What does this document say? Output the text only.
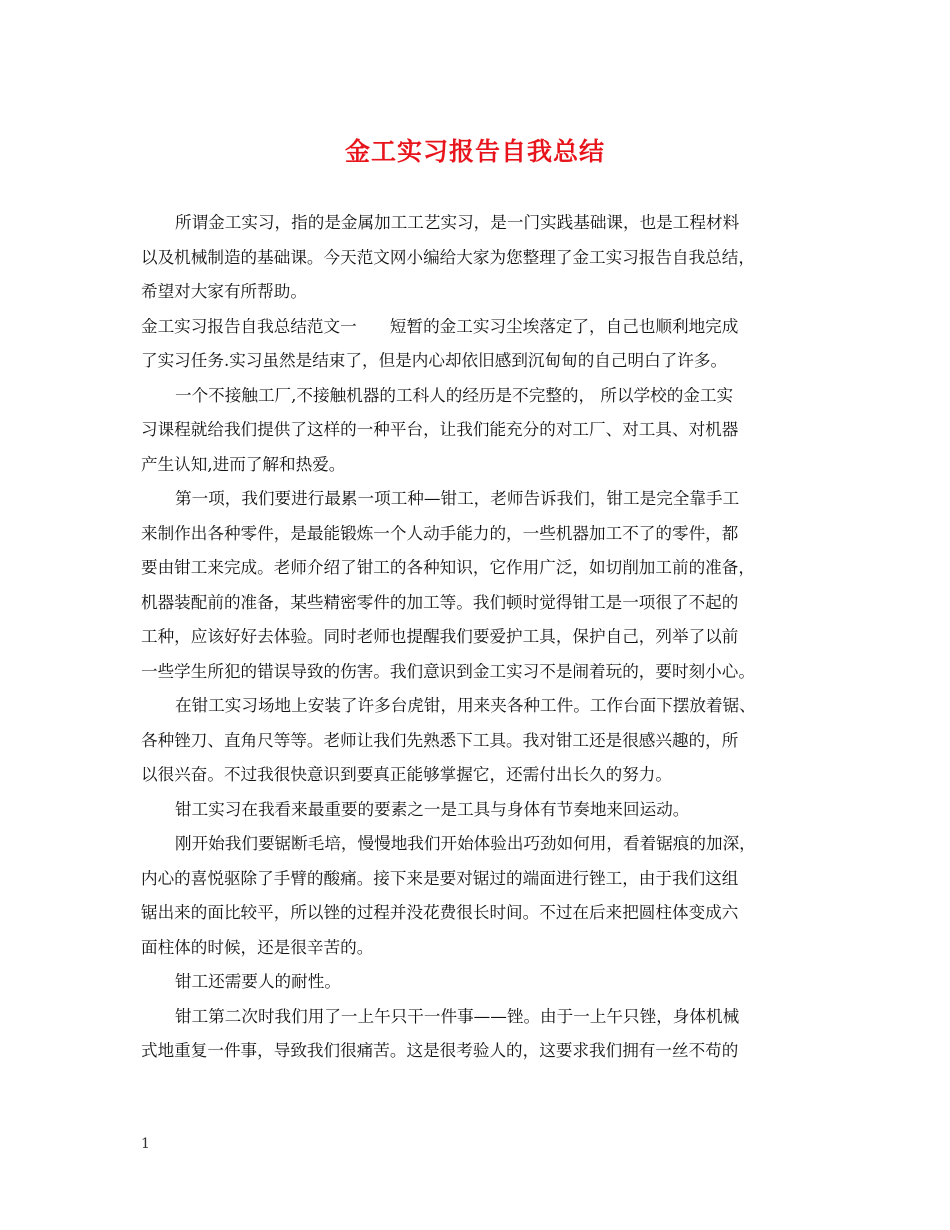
金工实习报告自我总结
所谓金工实习，指的是金属加工工艺实习，是一门实践基础课，也是工程材料
以及机械制造的基础课。今天范文网小编给大家为您整理了金工实习报告自我总结，
希望对大家有所帮助。
金工实习报告自我总结范文一　　短暂的金工实习尘埃落定了，自己也顺利地完成
了实习任务.实习虽然是结束了，但是内心却依旧感到沉甸甸的自己明白了许多。
一个不接触工厂,不接触机器的工科人的经历是不完整的， 所以学校的金工实
习课程就给我们提供了这样的一种平台，让我们能充分的对工厂、对工具、对机器
产生认知,进而了解和热爱。
第一项，我们要进行最累一项工种—钳工，老师告诉我们，钳工是完全靠手工
来制作出各种零件，是最能锻炼一个人动手能力的，一些机器加工不了的零件，都
要由钳工来完成。老师介绍了钳工的各种知识，它作用广泛，如切削加工前的准备，
机器装配前的准备，某些精密零件的加工等。我们顿时觉得钳工是一项很了不起的
工种，应该好好去体验。同时老师也提醒我们要爱护工具，保护自己，列举了以前
一些学生所犯的错误导致的伤害。我们意识到金工实习不是闹着玩的，要时刻小心。
在钳工实习场地上安装了许多台虎钳，用来夹各种工件。工作台面下摆放着锯、
各种锉刀、直角尺等等。老师让我们先熟悉下工具。我对钳工还是很感兴趣的，所
以很兴奋。不过我很快意识到要真正能够掌握它，还需付出长久的努力。
钳工实习在我看来最重要的要素之一是工具与身体有节奏地来回运动。
刚开始我们要锯断毛培，慢慢地我们开始体验出巧劲如何用，看着锯痕的加深，
内心的喜悦驱除了手臂的酸痛。接下来是要对锯过的端面进行锉工，由于我们这组
锯出来的面比较平，所以锉的过程并没花费很长时间。不过在后来把圆柱体变成六
面柱体的时候，还是很辛苦的。
钳工还需要人的耐性。
钳工第二次时我们用了一上午只干一件事——锉。由于一上午只锉，身体机械
式地重复一件事，导致我们很痛苦。这是很考验人的，这要求我们拥有一丝不苟的
1
